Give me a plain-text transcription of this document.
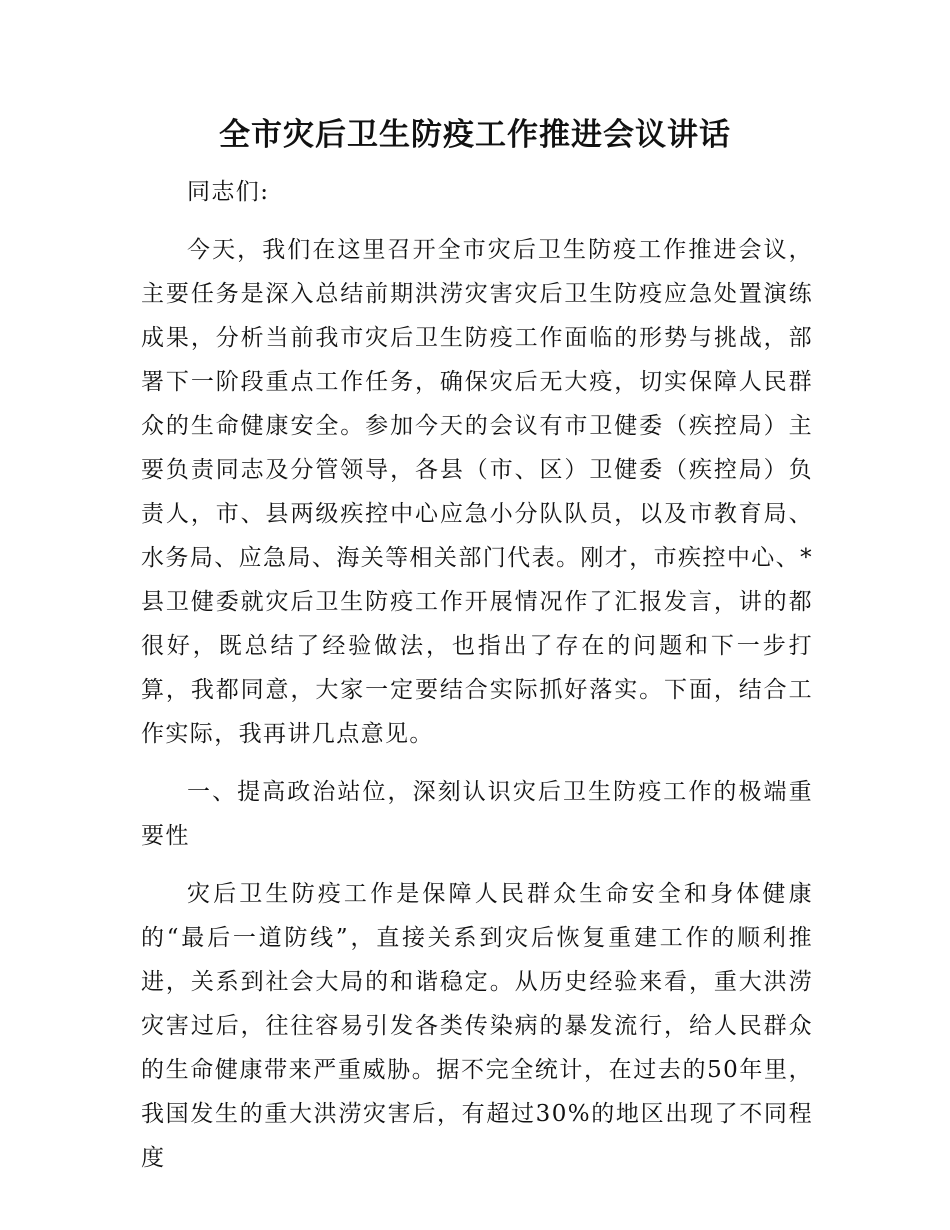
全市灾后卫生防疫工作推进会议讲话

同志们:

今天，我们在这里召开全市灾后卫生防疫工作推进会议，主要任务是深入总结前期洪涝灾害灾后卫生防疫应急处置演练成果，分析当前我市灾后卫生防疫工作面临的形势与挑战，部署下一阶段重点工作任务，确保灾后无大疫，切实保障人民群众的生命健康安全。参加今天的会议有市卫健委（疾控局）主要负责同志及分管领导，各县（市、区）卫健委（疾控局）负责人，市、县两级疾控中心应急小分队队员，以及市教育局、水务局、应急局、海关等相关部门代表。刚才，市疾控中心、*县卫健委就灾后卫生防疫工作开展情况作了汇报发言，讲的都很好，既总结了经验做法，也指出了存在的问题和下一步打算，我都同意，大家一定要结合实际抓好落实。下面，结合工作实际，我再讲几点意见。

一、提高政治站位，深刻认识灾后卫生防疫工作的极端重要性

灾后卫生防疫工作是保障人民群众生命安全和身体健康的“最后一道防线”，直接关系到灾后恢复重建工作的顺利推进，关系到社会大局的和谐稳定。从历史经验来看，重大洪涝灾害过后，往往容易引发各类传染病的暴发流行，给人民群众的生命健康带来严重威胁。据不完全统计，在过去的50年里，我国发生的重大洪涝灾害后，有超过30%的地区出现了不同程度
